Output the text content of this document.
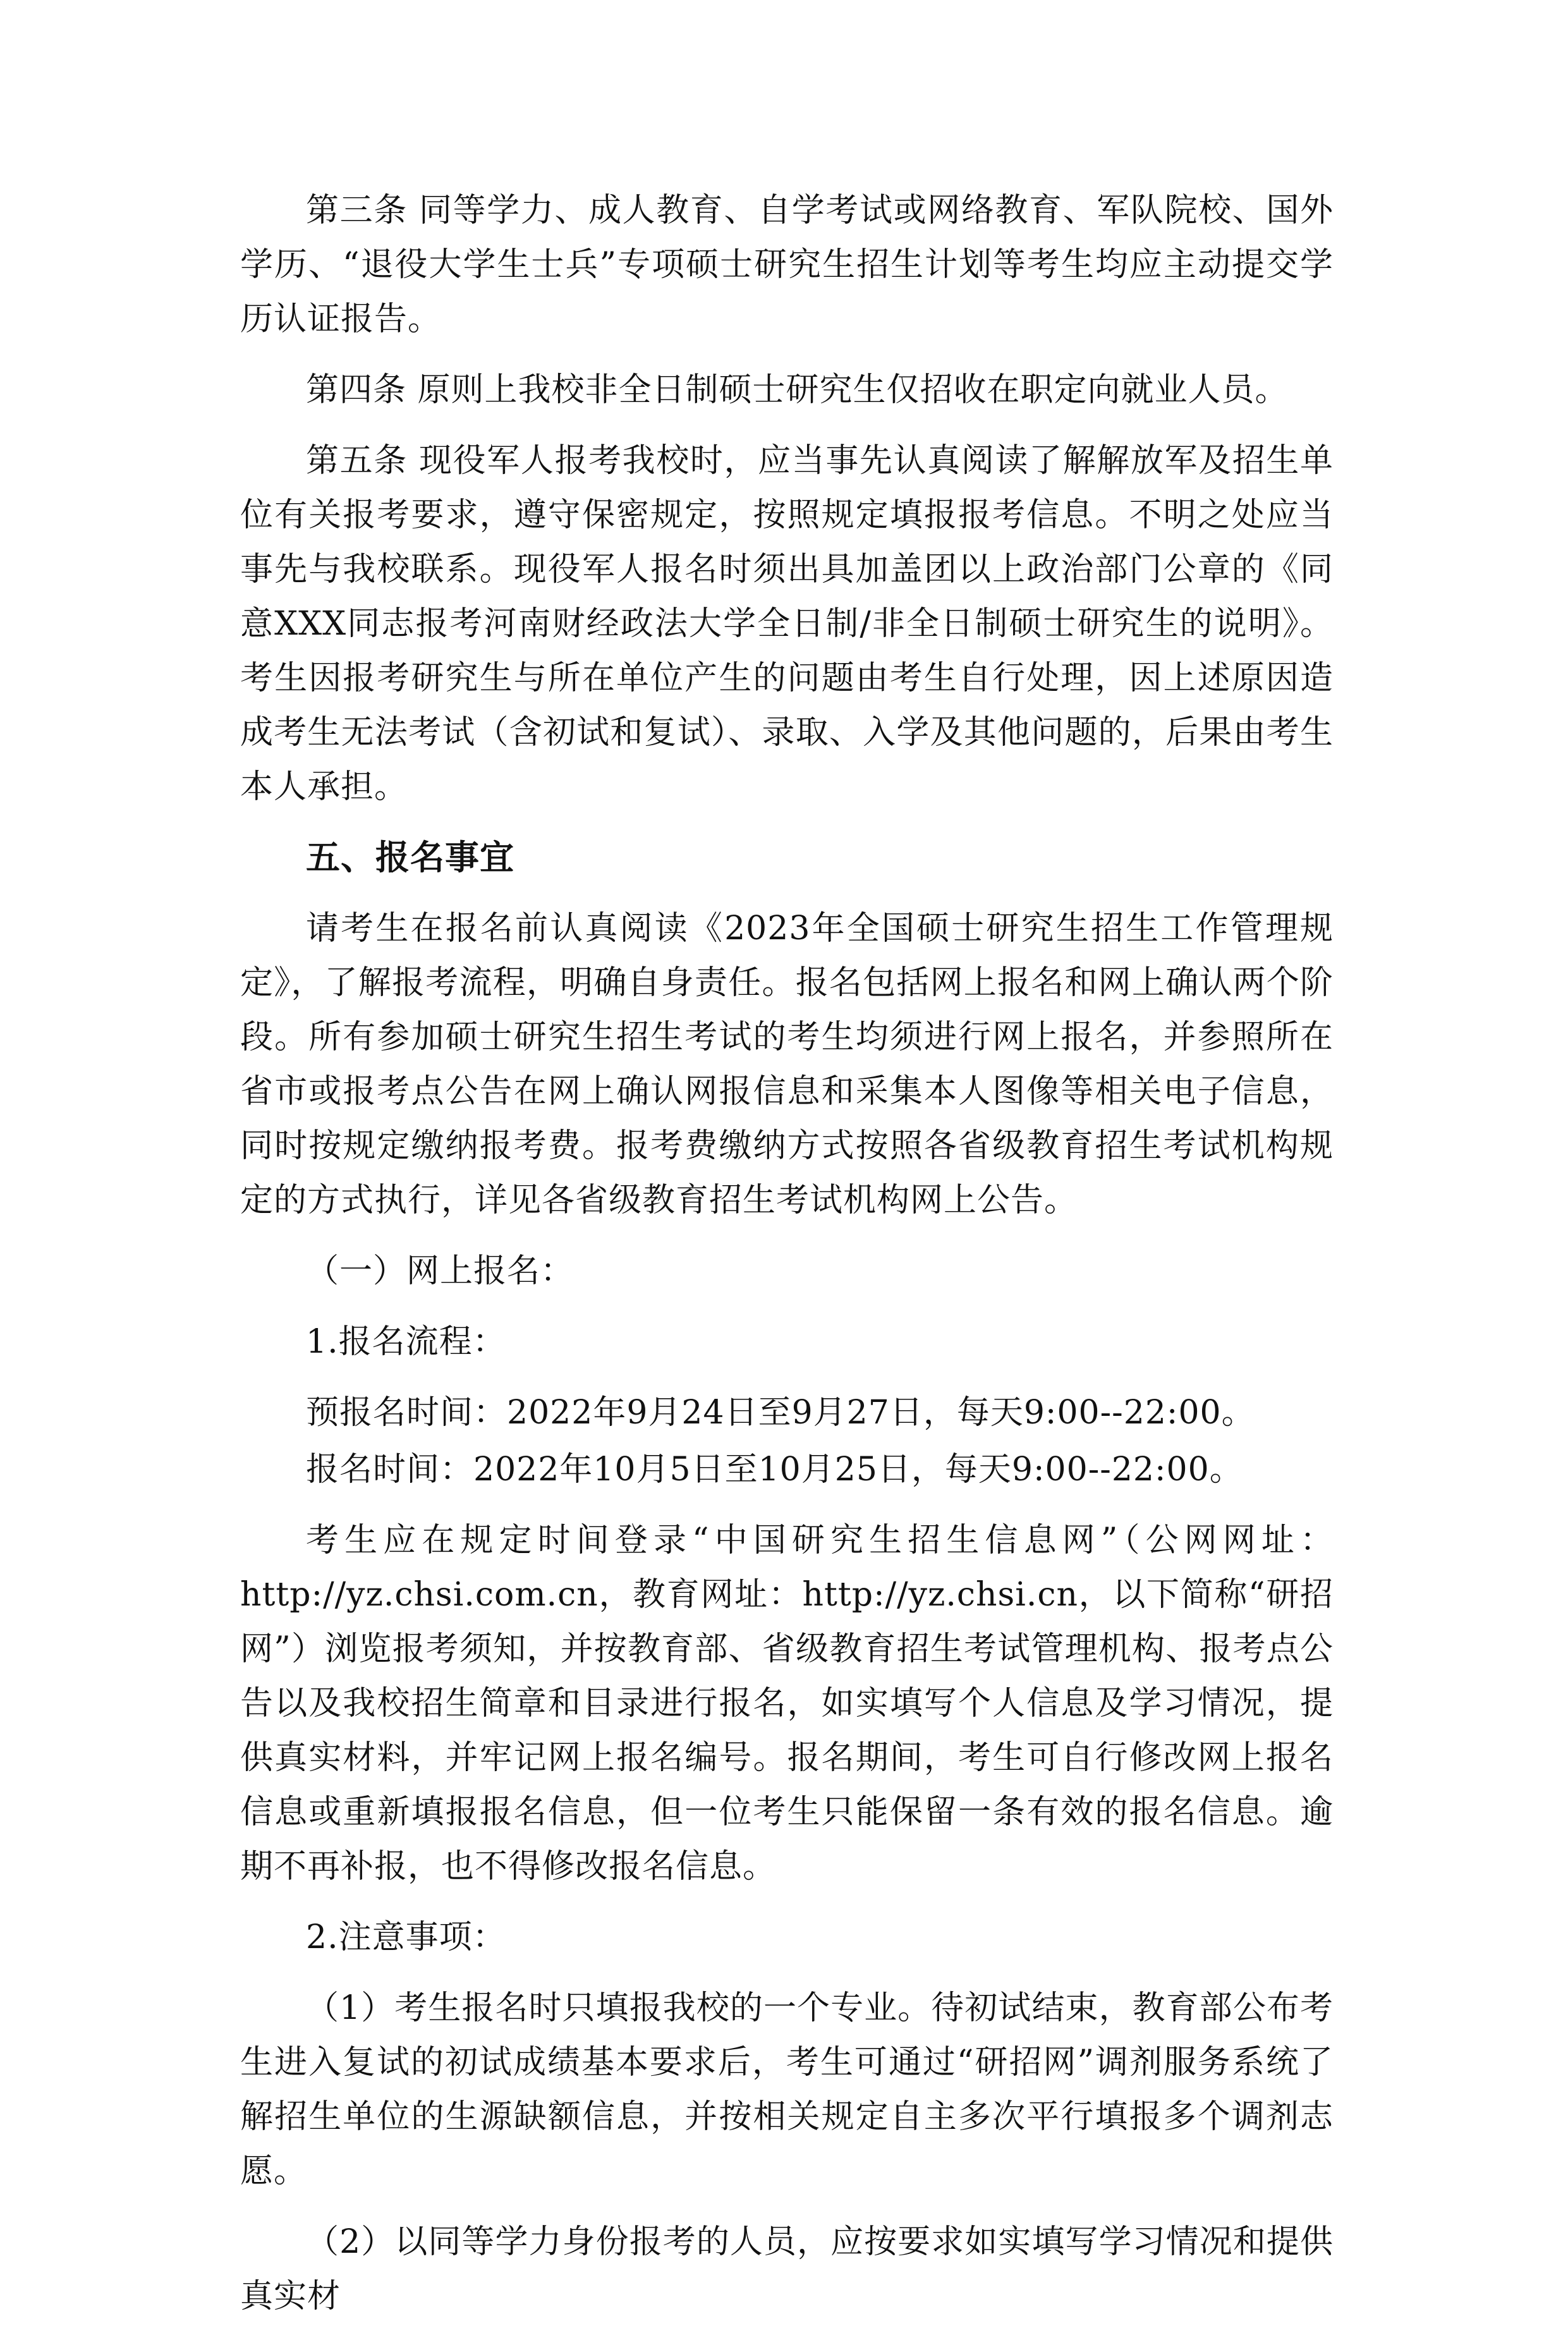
第三条 同等学力、成人教育、自学考试或网络教育、军队院校、国外学历、“退役大学生士兵”专项硕士研究生招生计划等考生均应主动提交学历认证报告。

第四条 原则上我校非全日制硕士研究生仅招收在职定向就业人员。

第五条 现役军人报考我校时，应当事先认真阅读了解解放军及招生单位有关报考要求，遵守保密规定，按照规定填报报考信息。不明之处应当事先与我校联系。现役军人报名时须出具加盖团以上政治部门公章的《同意XXX同志报考河南财经政法大学全日制/非全日制硕士研究生的说明》。考生因报考研究生与所在单位产生的问题由考生自行处理，因上述原因造成考生无法考试（含初试和复试）、录取、入学及其他问题的，后果由考生本人承担。

五、报名事宜

请考生在报名前认真阅读《2023年全国硕士研究生招生工作管理规定》，了解报考流程，明确自身责任。报名包括网上报名和网上确认两个阶段。所有参加硕士研究生招生考试的考生均须进行网上报名，并参照所在省市或报考点公告在网上确认网报信息和采集本人图像等相关电子信息，同时按规定缴纳报考费。报考费缴纳方式按照各省级教育招生考试机构规定的方式执行，详见各省级教育招生考试机构网上公告。

（一）网上报名：

1.报名流程：

预报名时间：2022年9月24日至9月27日，每天9:00--22:00。

报名时间：2022年10月5日至10月25日，每天9:00--22:00。

考生应在规定时间登录“中国研究生招生信息网”（公网网址：http://yz.chsi.com.cn，教育网址：http://yz.chsi.cn，以下简称“研招网”）浏览报考须知，并按教育部、省级教育招生考试管理机构、报考点公告以及我校招生简章和目录进行报名，如实填写个人信息及学习情况，提供真实材料，并牢记网上报名编号。报名期间，考生可自行修改网上报名信息或重新填报报名信息，但一位考生只能保留一条有效的报名信息。逾期不再补报，也不得修改报名信息。

2.注意事项：

（1）考生报名时只填报我校的一个专业。待初试结束，教育部公布考生进入复试的初试成绩基本要求后，考生可通过“研招网”调剂服务系统了解招生单位的生源缺额信息，并按相关规定自主多次平行填报多个调剂志愿。

（2）以同等学力身份报考的人员，应按要求如实填写学习情况和提供真实材
